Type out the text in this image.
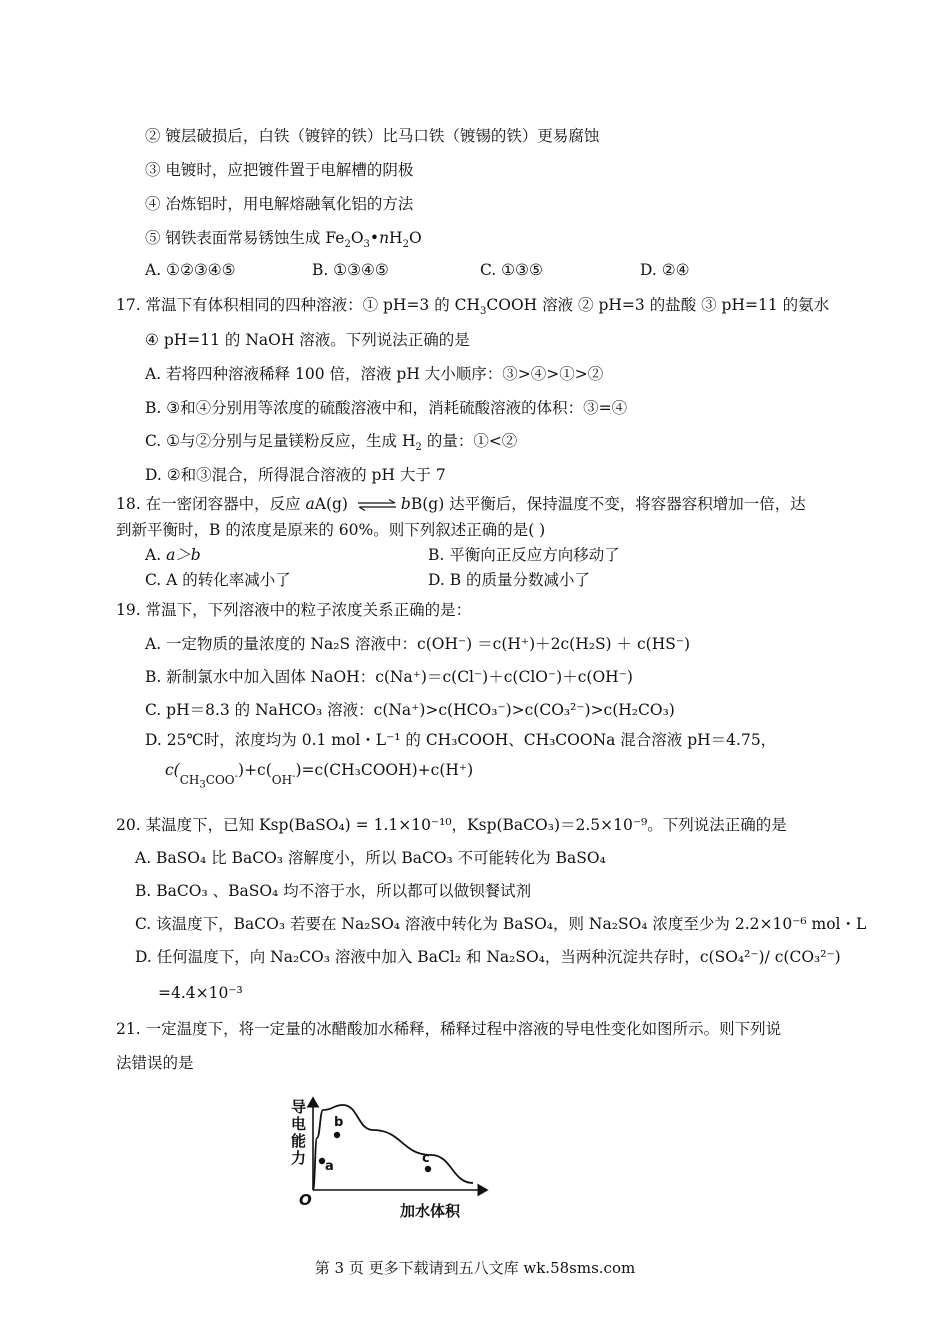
② 镀层破损后，白铁（镀锌的铁）比马口铁（镀锡的铁）更易腐蚀
③ 电镀时，应把镀件置于电解槽的阴极
④ 冶炼铝时，用电解熔融氧化铝的方法
⑤ 钢铁表面常易锈蚀生成 $Fe_2O_3•nH_2O$
A. ①②③④⑤	B. ①③④⑤	C. ①③⑤	D. ②④
17. 常温下有体积相同的四种溶液：① pH=3 的 $CH_3COOH$ 溶液 ② pH=3 的盐酸 ③ pH=11 的氨水
④ pH=11 的 NaOH 溶液。下列说法正确的是
A. 若将四种溶液稀释 100 倍，溶液 pH 大小顺序：③>④>①>②
B. ③和④分别用等浓度的硫酸溶液中和，消耗硫酸溶液的体积：③=④
C. ①与②分别与足量镁粉反应，生成 $H_2$ 的量：①<②
D. ②和③混合，所得混合溶液的 pH 大于 7
18. 在一密闭容器中，反应 aA(g) ⇌ bB(g) 达平衡后，保持温度不变，将容器容积增加一倍，达
到新平衡时，B 的浓度是原来的 60%。则下列叙述正确的是( )
A. a＞b	B. 平衡向正反应方向移动了
C. A 的转化率减小了	D. B 的质量分数减小了
19. 常温下，下列溶液中的粒子浓度关系正确的是：
A. 一定物质的量浓度的 Na₂S 溶液中：c(OH⁻) ＝c(H⁺)＋2c(H₂S) ＋ c(HS⁻)
B. 新制氯水中加入固体 NaOH：c(Na⁺)＝c(Cl⁻)＋c(ClO⁻)＋c(OH⁻)
C. pH＝8.3 的 NaHCO₃ 溶液：c(Na⁺)>c(HCO₃⁻)>c(CO₃²⁻)>c(H₂CO₃)
D. 25℃时，浓度均为 0.1 mol・L⁻¹ 的 CH₃COOH、CH₃COONa 混合溶液 pH＝4.75，
$c(_{CH_3COO^-})+c(_{OH^-})=c(CH_3COOH)+c(H^+)$
20. 某温度下，已知 Ksp(BaSO₄) = 1.1×10⁻¹⁰，Ksp(BaCO₃)＝2.5×10⁻⁹。下列说法正确的是
A. BaSO₄ 比 BaCO₃ 溶解度小，所以 BaCO₃ 不可能转化为 BaSO₄
B. BaCO₃ 、BaSO₄ 均不溶于水，所以都可以做钡餐试剂
C. 该温度下，BaCO₃ 若要在 Na₂SO₄ 溶液中转化为 BaSO₄，则 Na₂SO₄ 浓度至少为 2.2×10⁻⁶ mol・L
D. 任何温度下，向 Na₂CO₃ 溶液中加入 BaCl₂ 和 Na₂SO₄，当两种沉淀共存时，c(SO₄²⁻)/ c(CO₃²⁻)
=4.4×10⁻³
21. 一定温度下，将一定量的冰醋酸加水稀释，稀释过程中溶液的导电性变化如图所示。则下列说
法错误的是
导
电
能
力
O
加水体积
a
b
c
第 3 页 更多下载请到五八文库 wk.58sms.com
